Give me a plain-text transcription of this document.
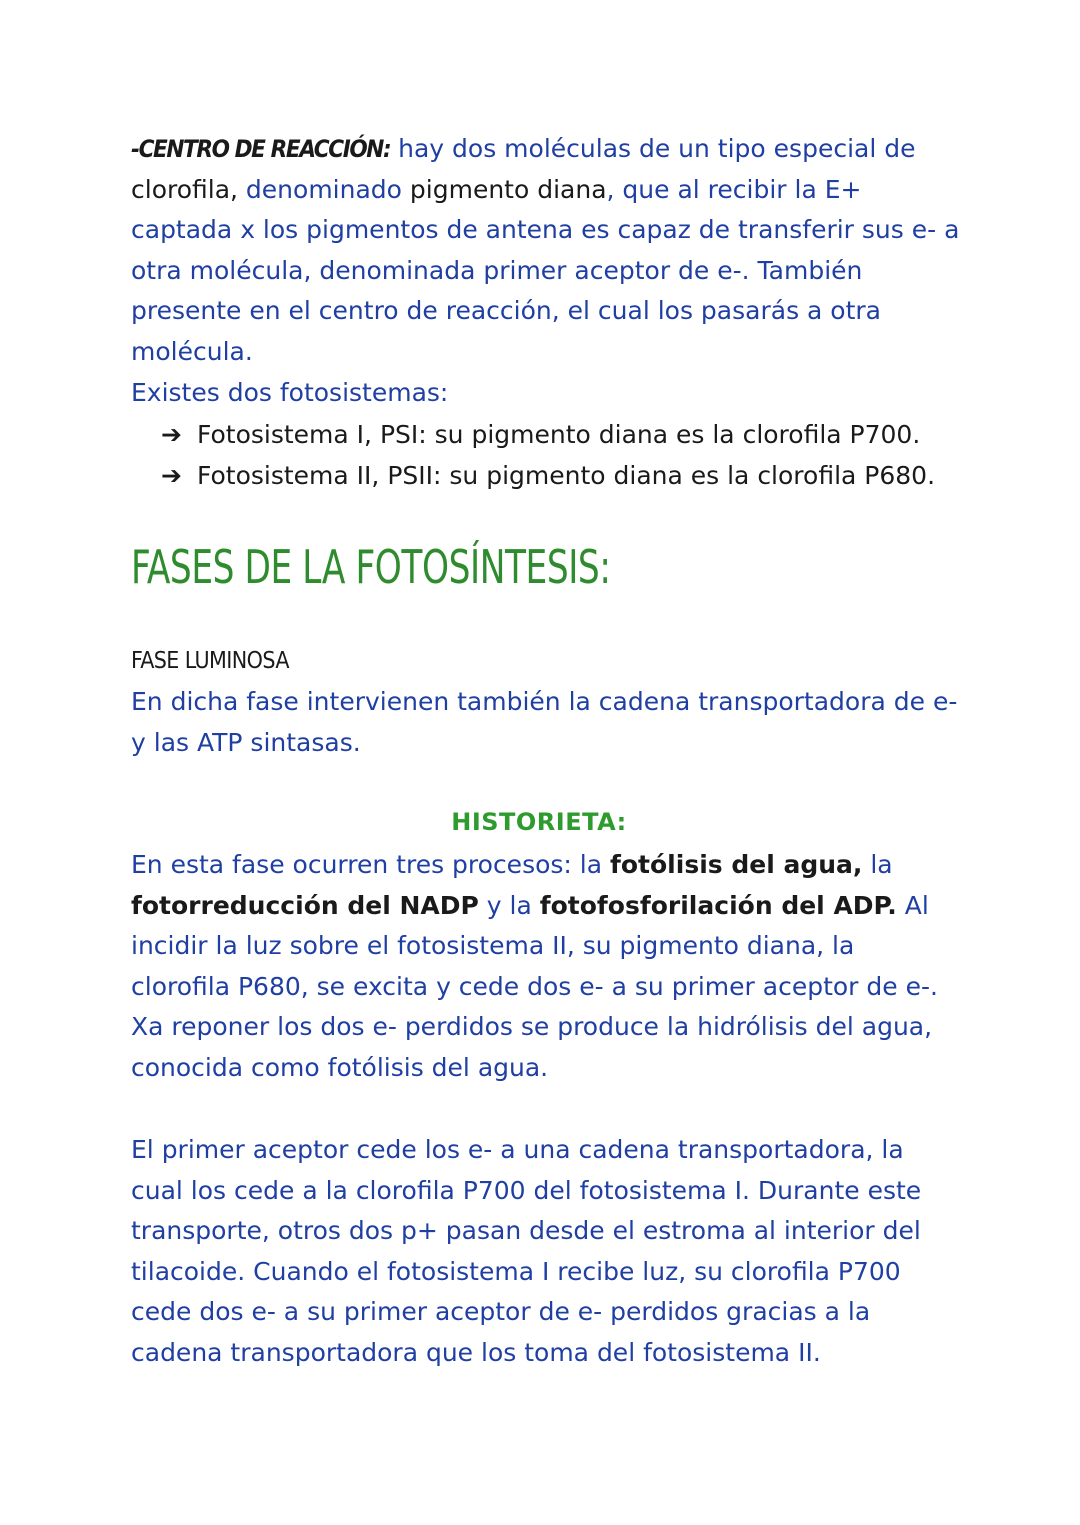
-CENTRO DE REACCIÓN: hay dos moléculas de un tipo especial de clorofila, denominado pigmento diana, que al recibir la E+ captada x los pigmentos de antena es capaz de transferir sus e- a otra molécula, denominada primer aceptor de e-. También presente en el centro de reacción, el cual los pasarás a otra molécula.

Existes dos fotosistemas:

➔ Fotosistema I, PSI: su pigmento diana es la clorofila P700.
➔ Fotosistema II, PSII: su pigmento diana es la clorofila P680.
FASES DE LA FOTOSÍNTESIS:
FASE LUMINOSA

En dicha fase intervienen también la cadena transportadora de e- y las ATP sintasas.

HISTORIETA:

En esta fase ocurren tres procesos: la fotólisis del agua, la fotorreducción del NADP y la fotofosforilación del ADP. Al incidir la luz sobre el fotosistema II, su pigmento diana, la clorofila P680, se excita y cede dos e- a su primer aceptor de e-. Xa reponer los dos e- perdidos se produce la hidrólisis del agua, conocida como fotólisis del agua.

El primer aceptor cede los e- a una cadena transportadora, la cual los cede a la clorofila P700 del fotosistema I. Durante este transporte, otros dos p+ pasan desde el estroma al interior del tilacoide. Cuando el fotosistema I recibe luz, su clorofila P700 cede dos e- a su primer aceptor de e- perdidos gracias a la cadena transportadora que los toma del fotosistema II.
